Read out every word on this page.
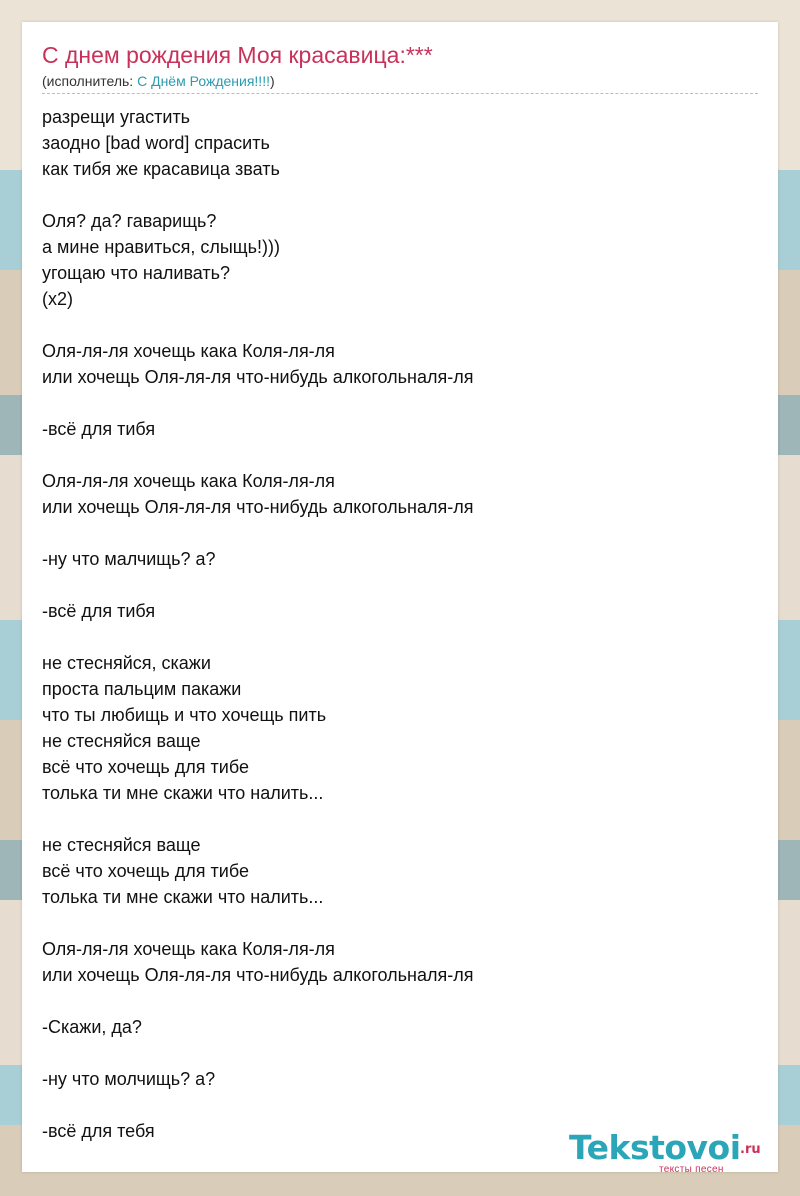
С днем рождения Моя красавица:***
(исполнитель: С Днём Рождения!!!!)
разрещи угастить
заодно [bad word] спрасить
как тибя же красавица звать
Оля? да? гаварищь?
а мине нравиться, слыщь!)))
угощаю что наливать?
(x2)
Оля-ля-ля хочещь кака Коля-ля-ля
или хочещь Оля-ля-ля что-нибудь алкогольналя-ля
-всё для тибя
Оля-ля-ля хочещь кака Коля-ля-ля
или хочещь Оля-ля-ля что-нибудь алкогольналя-ля
-ну что малчищь? а?
-всё для тибя
не стесняйся, скажи
проста пальцим пакажи
что ты любищь и что хочещь пить
не стесняйся ваще
всё что хочещь для тибе
толька ти мне скажи что налить...
не стесняйся ваще
всё что хочещь для тибе
толька ти мне скажи что налить...
Оля-ля-ля хочещь кака Коля-ля-ля
или хочещь Оля-ля-ля что-нибудь алкогольналя-ля
-Скажи, да?
-ну что молчищь? а?
-всё для тебя	Tekstovoi .ru
тексты песен
